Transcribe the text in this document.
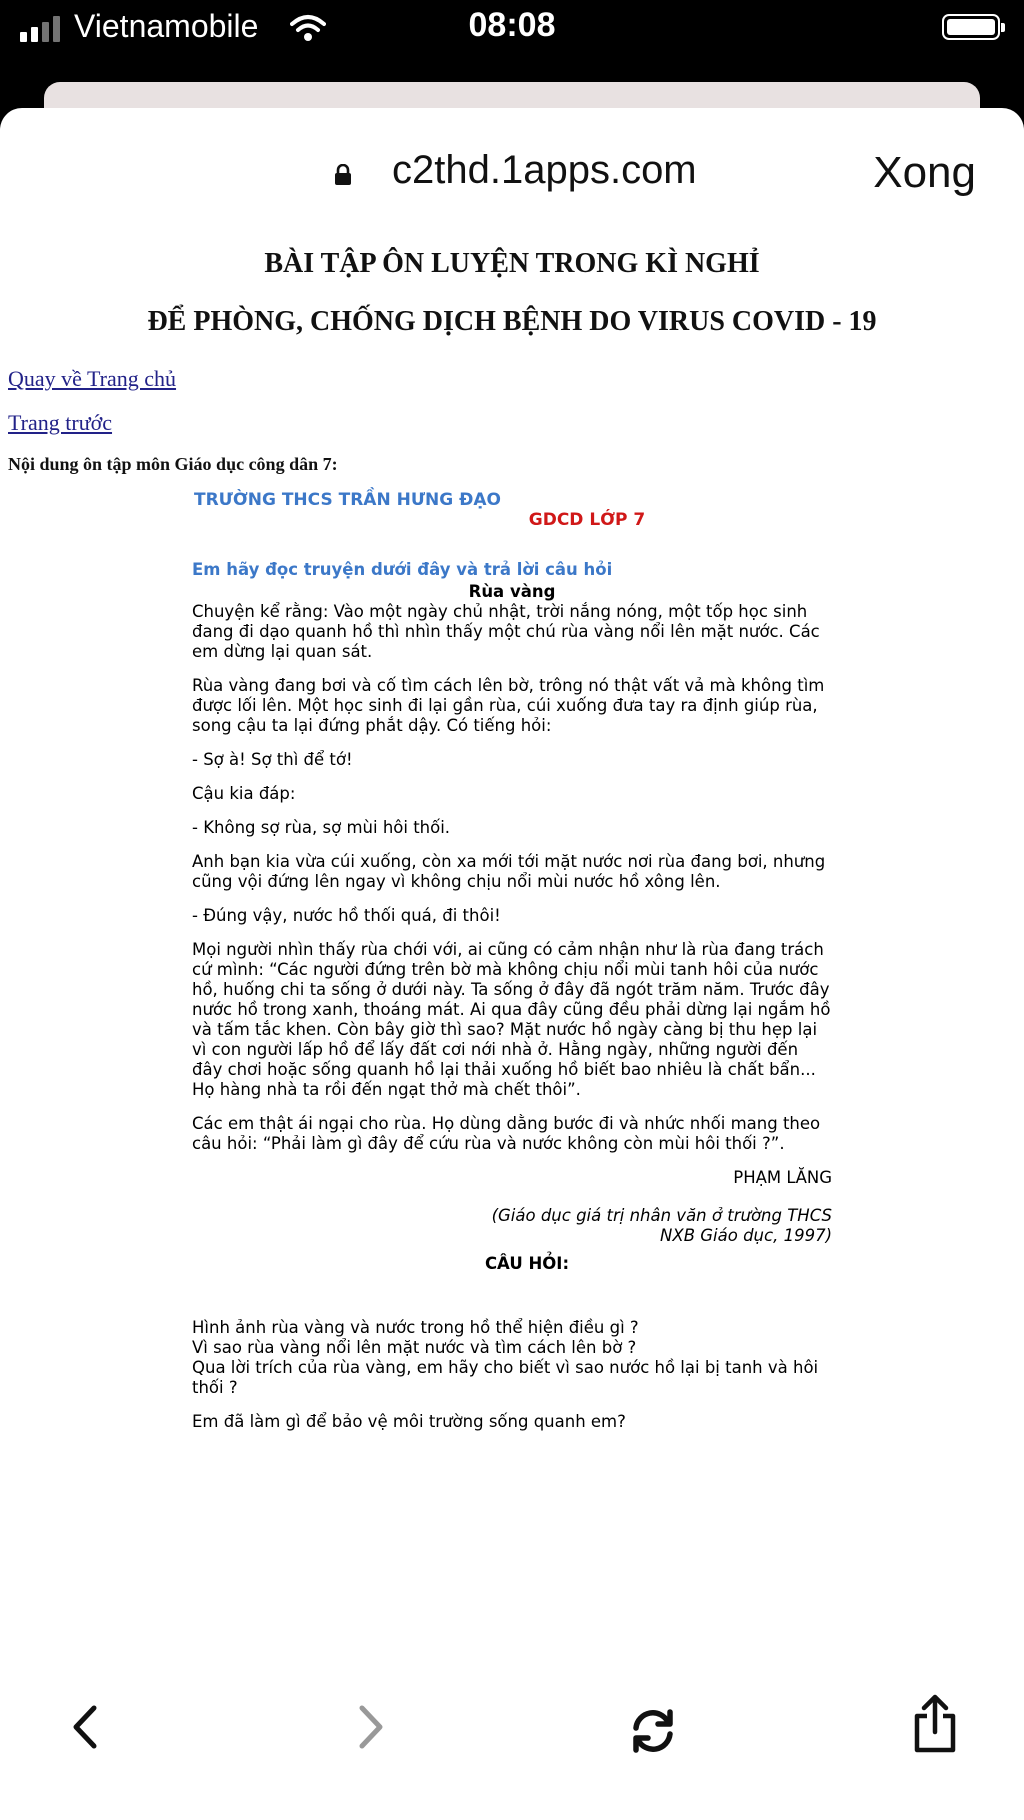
Vietnamobile	08:08
c2thd.1apps.com	Xong

BÀI TẬP ÔN LUYỆN TRONG KÌ NGHỈ

ĐỂ PHÒNG, CHỐNG DỊCH BỆNH DO VIRUS COVID - 19

Quay về Trang chủ
Trang trước
Nội dung ôn tập môn Giáo dục công dân 7:
TRƯỜNG THCS TRẦN HƯNG ĐẠO
GDCD LỚP 7
Em hãy đọc truyện dưới đây và trả lời câu hỏi
Rùa vàng

Chuyện kể rằng: Vào một ngày chủ nhật, trời nắng nóng, một tốp học sinh đang đi dạo quanh hồ thì nhìn thấy một chú rùa vàng nổi lên mặt nước. Các em dừng lại quan sát.

Rùa vàng đang bơi và cố tìm cách lên bờ, trông nó thật vất vả mà không tìm được lối lên. Một học sinh đi lại gần rùa, cúi xuống đưa tay ra định giúp rùa, song cậu ta lại đứng phắt dậy. Có tiếng hỏi:

- Sợ à! Sợ thì để tớ!

Cậu kia đáp:

- Không sợ rùa, sợ mùi hôi thối.

Anh bạn kia vừa cúi xuống, còn xa mới tới mặt nước nơi rùa đang bơi, nhưng cũng vội đứng lên ngay vì không chịu nổi mùi nước hồ xông lên.

- Đúng vậy, nước hồ thối quá, đi thôi!

Mọi người nhìn thấy rùa chới với, ai cũng có cảm nhận như là rùa đang trách cứ mình: “Các người đứng trên bờ mà không chịu nổi mùi tanh hôi của nước hồ, huống chi ta sống ở dưới này. Ta sống ở đây đã ngót trăm năm. Trước đây nước hồ trong xanh, thoáng mát. Ai qua đây cũng đều phải dừng lại ngắm hồ và tấm tắc khen. Còn bây giờ thì sao? Mặt nước hồ ngày càng bị thu hẹp lại vì con người lấp hồ để lấy đất cơi nới nhà ở. Hằng ngày, những người đến đây chơi hoặc sống quanh hồ lại thải xuống hồ biết bao nhiêu là chất bẩn... Họ hàng nhà ta rồi đến ngạt thở mà chết thôi”.

Các em thật ái ngại cho rùa. Họ dùng dằng bước đi và nhức nhối mang theo câu hỏi: “Phải làm gì đây để cứu rùa và nước không còn mùi hôi thối ?”.

PHẠM LĂNG
(Giáo dục giá trị nhân văn ở trường THCS
NXB Giáo dục, 1997)
CÂU HỎI:
Hình ảnh rùa vàng và nước trong hồ thể hiện điều gì ?
Vì sao rùa vàng nổi lên mặt nước và tìm cách lên bờ ?
Qua lời trích của rùa vàng, em hãy cho biết vì sao nước hồ lại bị tanh và hôi thối ?
Em đã làm gì để bảo vệ môi trường sống quanh em?
